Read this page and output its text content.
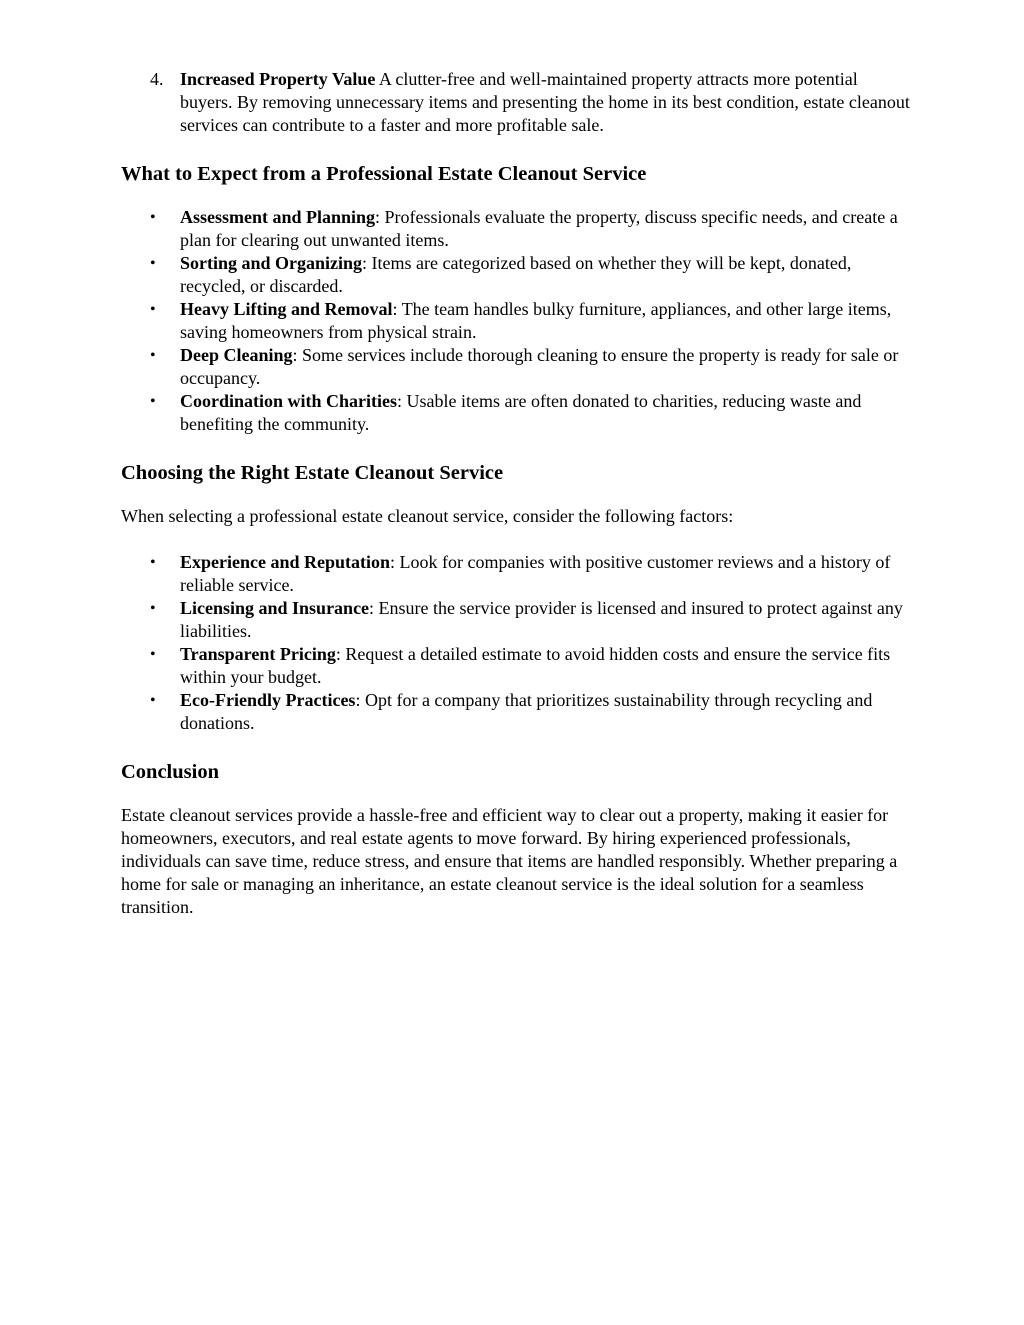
4. Increased Property Value A clutter-free and well-maintained property attracts more potential buyers. By removing unnecessary items and presenting the home in its best condition, estate cleanout services can contribute to a faster and more profitable sale.
What to Expect from a Professional Estate Cleanout Service
• Assessment and Planning: Professionals evaluate the property, discuss specific needs, and create a plan for clearing out unwanted items.
• Sorting and Organizing: Items are categorized based on whether they will be kept, donated, recycled, or discarded.
• Heavy Lifting and Removal: The team handles bulky furniture, appliances, and other large items, saving homeowners from physical strain.
• Deep Cleaning: Some services include thorough cleaning to ensure the property is ready for sale or occupancy.
• Coordination with Charities: Usable items are often donated to charities, reducing waste and benefiting the community.
Choosing the Right Estate Cleanout Service

When selecting a professional estate cleanout service, consider the following factors:

• Experience and Reputation: Look for companies with positive customer reviews and a history of reliable service.
• Licensing and Insurance: Ensure the service provider is licensed and insured to protect against any liabilities.
• Transparent Pricing: Request a detailed estimate to avoid hidden costs and ensure the service fits within your budget.
• Eco-Friendly Practices: Opt for a company that prioritizes sustainability through recycling and donations.
Conclusion

Estate cleanout services provide a hassle-free and efficient way to clear out a property, making it easier for homeowners, executors, and real estate agents to move forward. By hiring experienced professionals, individuals can save time, reduce stress, and ensure that items are handled responsibly. Whether preparing a home for sale or managing an inheritance, an estate cleanout service is the ideal solution for a seamless transition.
